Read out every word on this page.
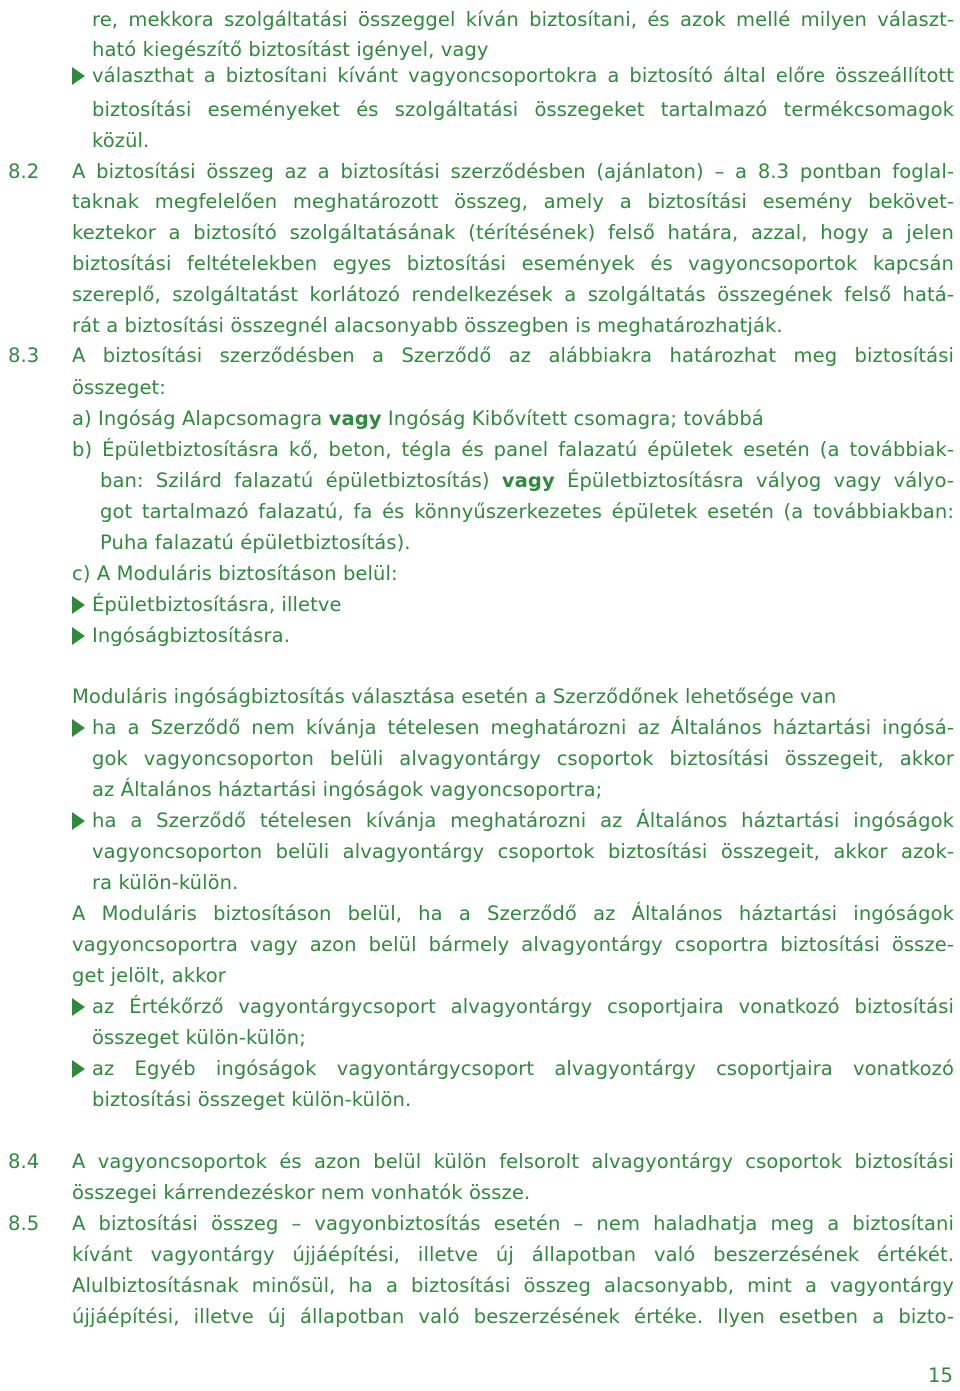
re, mekkora szolgáltatási összeggel kíván biztosítani, és azok mellé milyen választ-
ható kiegészítő biztosítást igényel, vagy
választhat a biztosítani kívánt vagyoncsoportokra a biztosító által előre összeállított
biztosítási eseményeket és szolgáltatási összegeket tartalmazó termékcsomagok
közül.
8.2 A biztosítási összeg az a biztosítási szerződésben (ajánlaton) – a 8.3 pontban foglal-
taknak megfelelően meghatározott összeg, amely a biztosítási esemény bekövet-
keztekor a biztosító szolgáltatásának (térítésének) felső határa, azzal, hogy a jelen
biztosítási feltételekben egyes biztosítási események és vagyoncsoportok kapcsán
szereplő, szolgáltatást korlátozó rendelkezések a szolgáltatás összegének felső hatá-
rát a biztosítási összegnél alacsonyabb összegben is meghatározhatják.
8.3 A biztosítási szerződésben a Szerződő az alábbiakra határozhat meg biztosítási
összeget:
a) Ingóság Alapcsomagra vagy Ingóság Kibővített csomagra; továbbá
b) Épületbiztosításra kő, beton, tégla és panel falazatú épületek esetén (a továbbiak-
ban: Szilárd falazatú épületbiztosítás) vagy Épületbiztosításra vályog vagy vályo-
got tartalmazó falazatú, fa és könnyűszerkezetes épületek esetén (a továbbiakban:
Puha falazatú épületbiztosítás).
c) A Moduláris biztosításon belül:
Épületbiztosításra, illetve
Ingóságbiztosításra.
Moduláris ingóságbiztosítás választása esetén a Szerződőnek lehetősége van
ha a Szerződő nem kívánja tételesen meghatározni az Általános háztartási ingósá-
gok vagyoncsoporton belüli alvagyontárgy csoportok biztosítási összegeit, akkor
az Általános háztartási ingóságok vagyoncsoportra;
ha a Szerződő tételesen kívánja meghatározni az Általános háztartási ingóságok
vagyoncsoporton belüli alvagyontárgy csoportok biztosítási összegeit, akkor azok-
ra külön-külön.
A Moduláris biztosításon belül, ha a Szerződő az Általános háztartási ingóságok
vagyoncsoportra vagy azon belül bármely alvagyontárgy csoportra biztosítási össze-
get jelölt, akkor
az Értékőrző vagyontárgycsoport alvagyontárgy csoportjaira vonatkozó biztosítási
összeget külön-külön;
az Egyéb ingóságok vagyontárgycsoport alvagyontárgy csoportjaira vonatkozó
biztosítási összeget külön-külön.
8.4 A vagyoncsoportok és azon belül külön felsorolt alvagyontárgy csoportok biztosítási
összegei kárrendezéskor nem vonhatók össze.
8.5 A biztosítási összeg – vagyonbiztosítás esetén – nem haladhatja meg a biztosítani
kívánt vagyontárgy újjáépítési, illetve új állapotban való beszerzésének értékét.
Alulbiztosításnak minősül, ha a biztosítási összeg alacsonyabb, mint a vagyontárgy
újjáépítési, illetve új állapotban való beszerzésének értéke. Ilyen esetben a bizto-
15
